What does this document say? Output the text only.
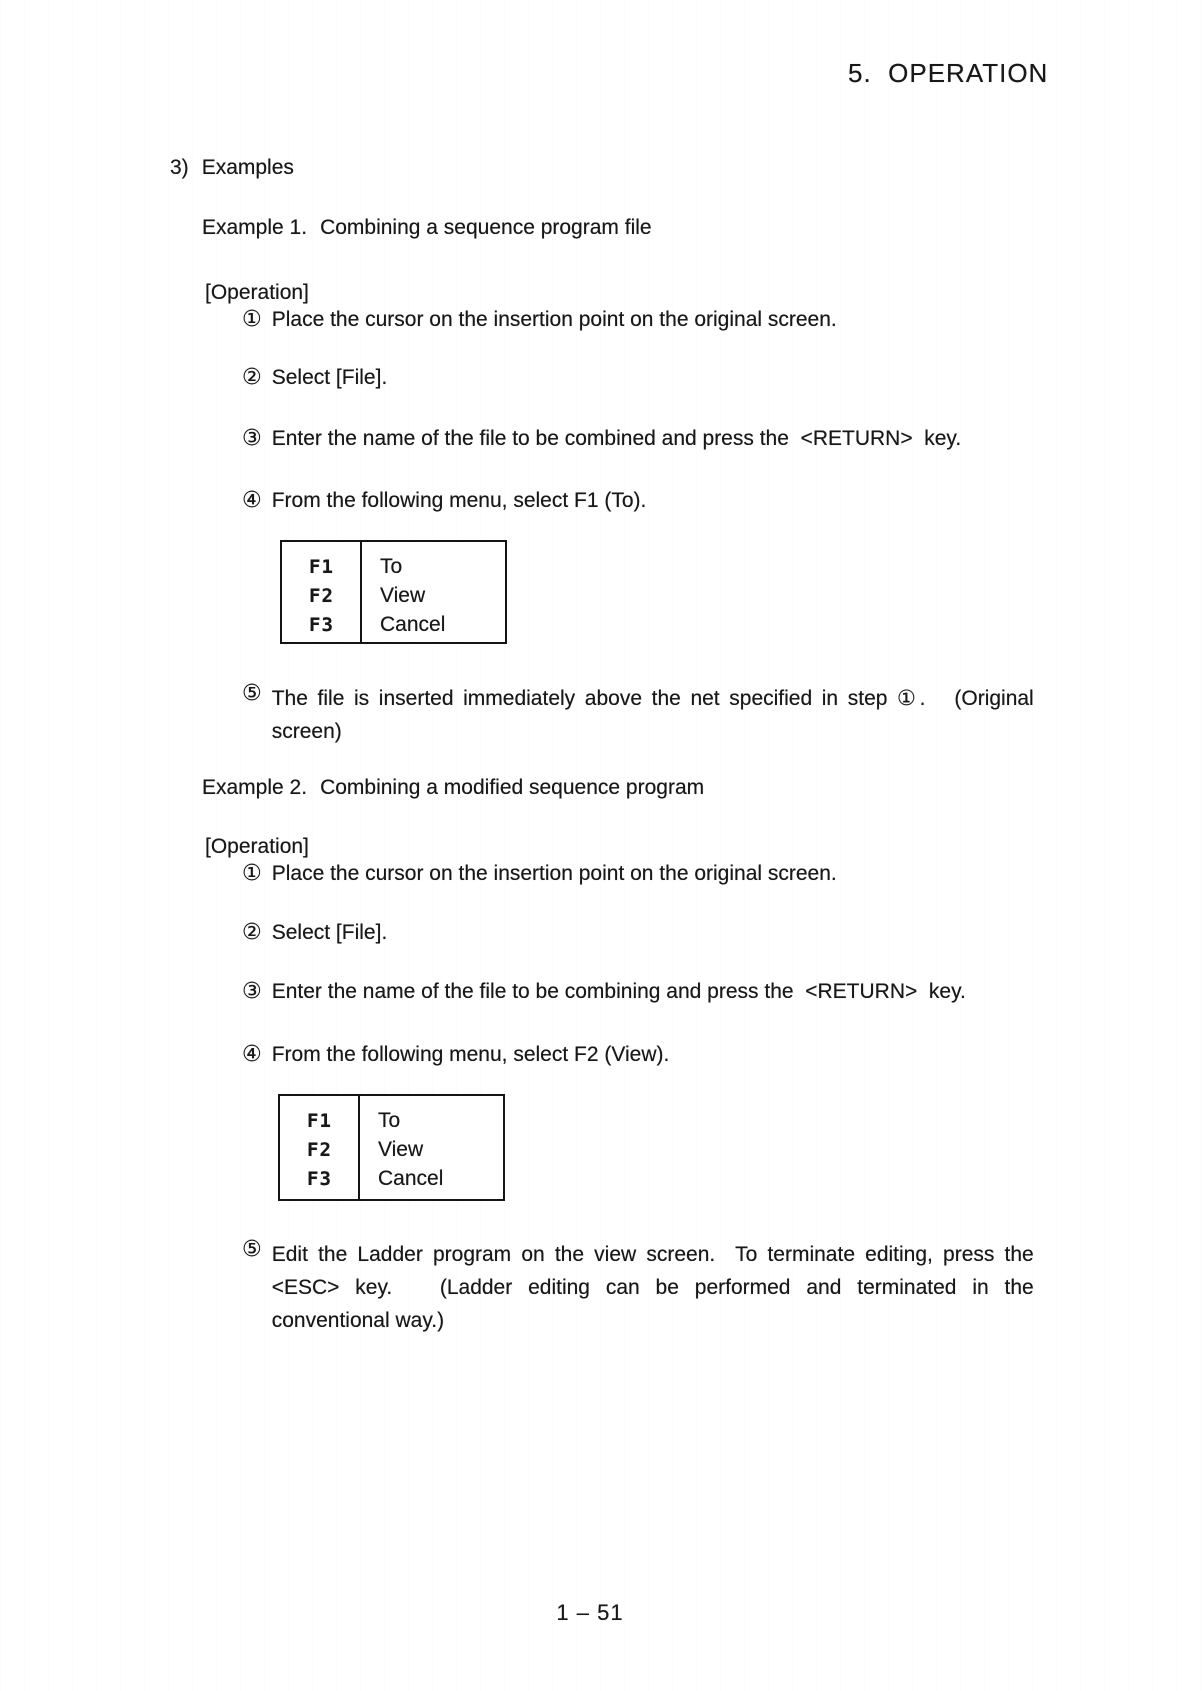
5.  OPERATION
3) Examples
Example 1. Combining a sequence program file
[Operation]
① Place the cursor on the insertion point on the original screen.
② Select [File].
③ Enter the name of the file to be combined and press the  <RETURN>  key.
④ From the following menu, select F1 (To).
F1	To
F2	View
F3	Cancel
⑤ The file is inserted immediately above the net specified in step ①.   (Original screen)
Example 2. Combining a modified sequence program
[Operation]
① Place the cursor on the insertion point on the original screen.
② Select [File].
③ Enter the name of the file to be combining and press the  <RETURN>  key.
④ From the following menu, select F2 (View).
F1	To
F2	View
F3	Cancel
⑤ Edit the Ladder program on the view screen.  To terminate editing, press the <ESC> key.   (Ladder editing can be performed and terminated in the conventional way.)
1 – 51
